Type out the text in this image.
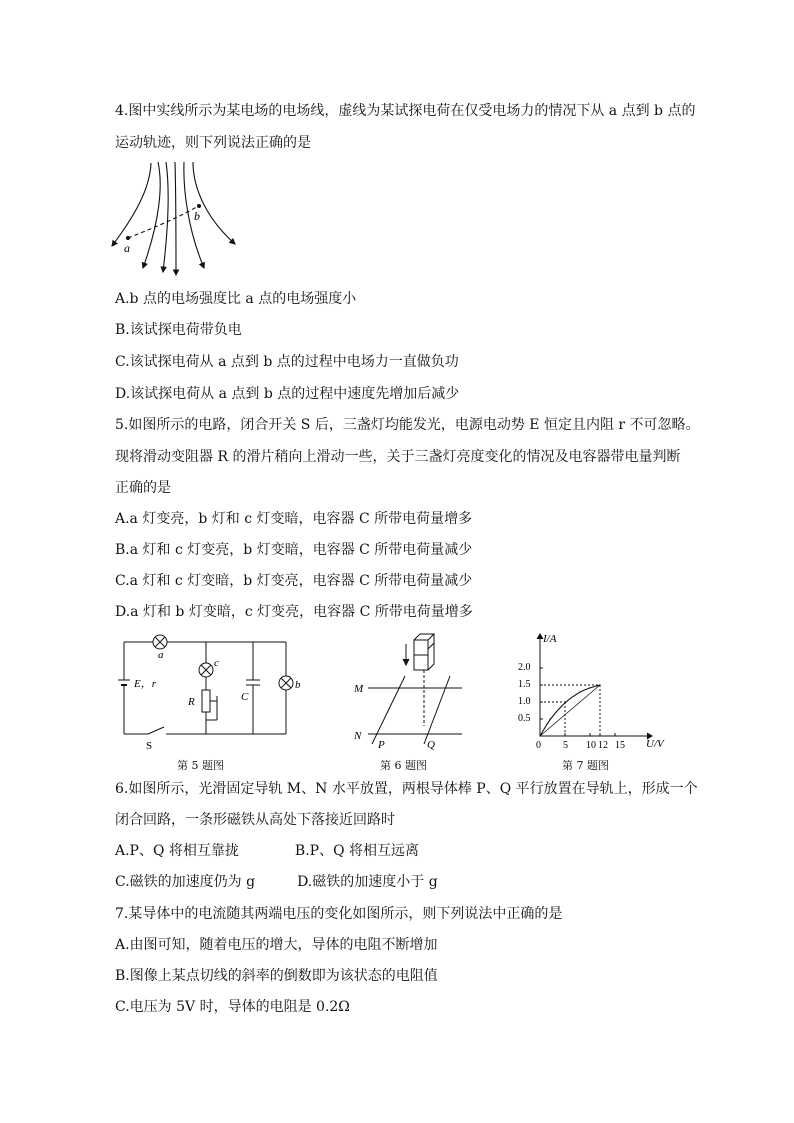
4.图中实线所示为某电场的电场线，虚线为某试探电荷在仅受电场力的情况下从 a 点到 b 点的
运动轨迹，则下列说法正确的是
a
b
A.b 点的电场强度比 a 点的电场强度小
B.该试探电荷带负电
C.该试探电荷从 a 点到 b 点的过程中电场力一直做负功
D.该试探电荷从 a 点到 b 点的过程中速度先增加后减少
5.如图所示的电路，闭合开关 S 后，三盏灯均能发光，电源电动势 E 恒定且内阻 r 不可忽略。
现将滑动变阻器 R 的滑片稍向上滑动一些，关于三盏灯亮度变化的情况及电容器带电量判断
正确的是
A.a 灯变亮，b 灯和 c 灯变暗，电容器 C 所带电荷量增多
B.a 灯和 c 灯变亮，b 灯变暗，电容器 C 所带电荷量减少
C.a 灯和 c 灯变暗，b 灯变亮，电容器 C 所带电荷量减少
D.a 灯和 b 灯变暗，c 灯变亮，电容器 C 所带电荷量增多
a
c
b
E，r
R	C
S
第 5 题图
M
N
P	Q
第 6 题图
I/A
U/V
2.0
1.5
1.0
0.5
0 5 10 12 15
第 7 题图
6.如图所示，光滑固定导轨 M、N 水平放置，两根导体棒 P、Q 平行放置在导轨上，形成一个
闭合回路，一条形磁铁从高处下落接近回路时
A.P、Q 将相互靠拢　　　　B.P、Q 将相互远离
C.磁铁的加速度仍为 g　　　D.磁铁的加速度小于 g
7.某导体中的电流随其两端电压的变化如图所示，则下列说法中正确的是
A.由图可知，随着电压的增大，导体的电阻不断增加
B.图像上某点切线的斜率的倒数即为该状态的电阻值
C.电压为 5V 时，导体的电阻是 0.2Ω
